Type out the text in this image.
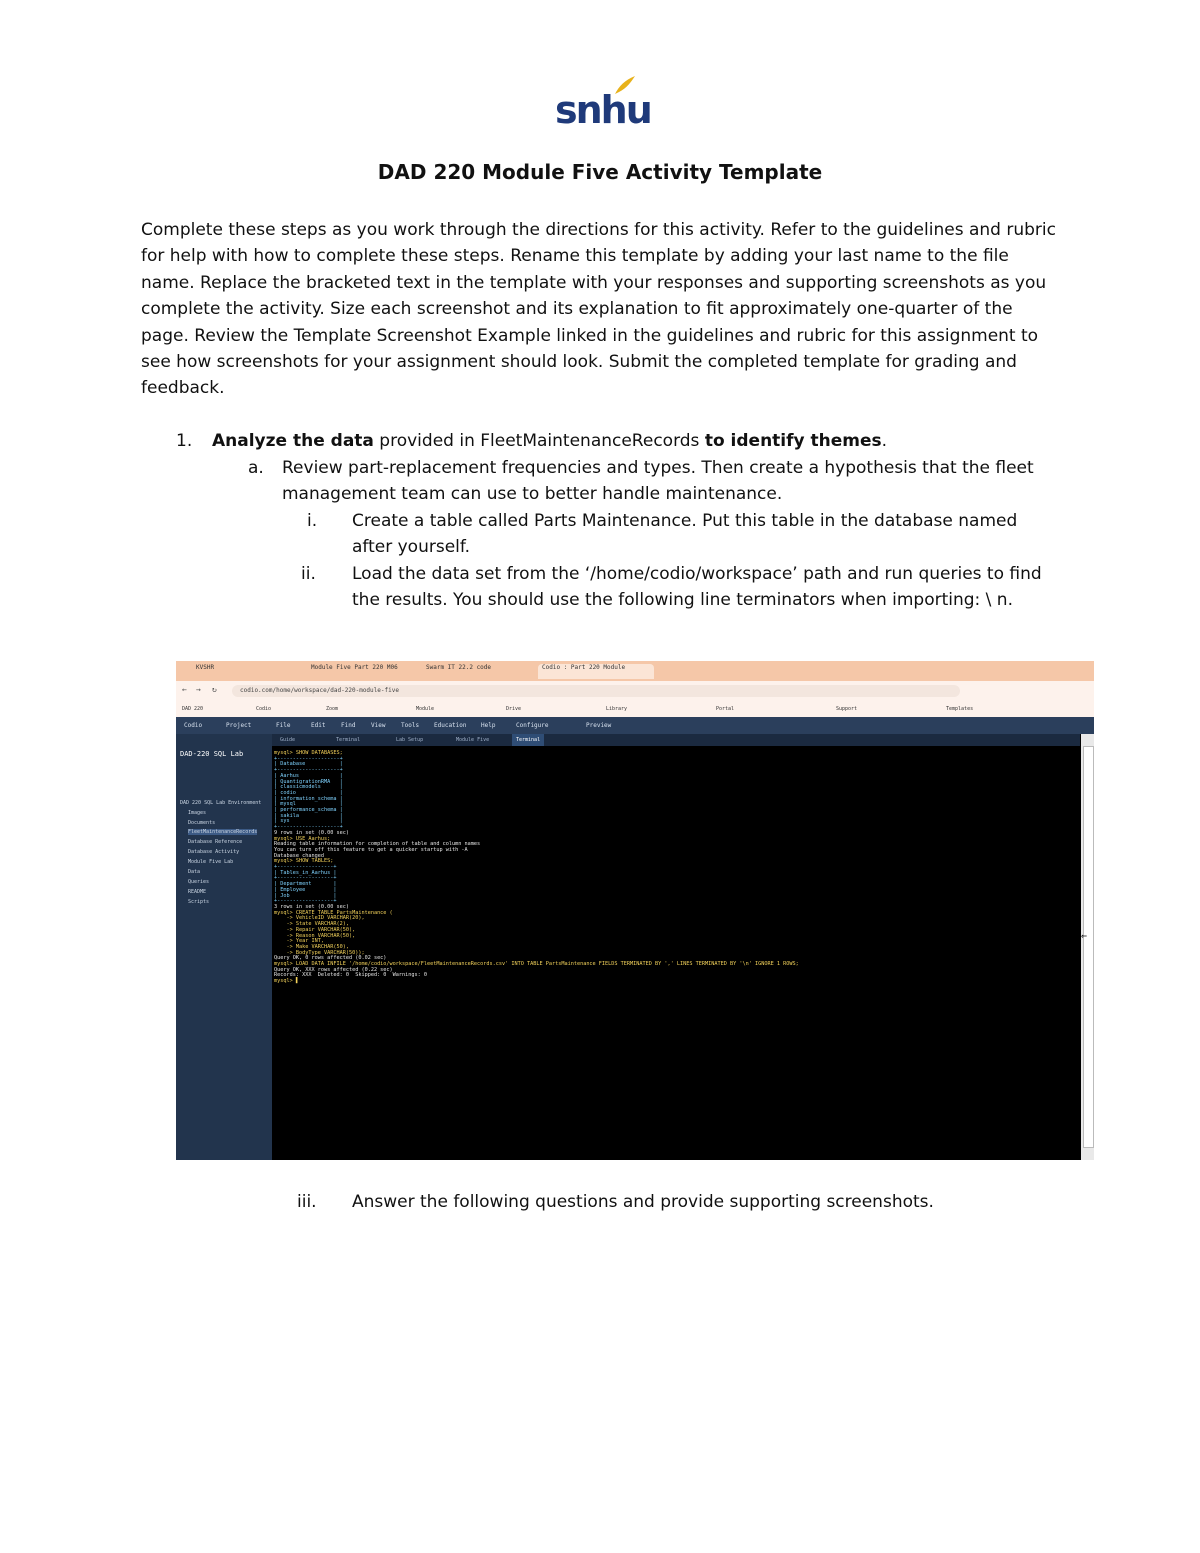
snhu
DAD 220 Module Five Activity Template
Complete these steps as you work through the directions for this activity. Refer to the guidelines and rubric for help with how to complete these steps. Rename this template by adding your last name to the file name. Replace the bracketed text in the template with your responses and supporting screenshots as you complete the activity. Size each screenshot and its explanation to fit approximately one-quarter of the page. Review the Template Screenshot Example linked in the guidelines and rubric for this assignment to see how screenshots for your assignment should look. Submit the completed template for grading and feedback.
1. Analyze the data provided in FleetMaintenanceRecords to identify themes.
a. Review part-replacement frequencies and types. Then create a hypothesis that the fleet management team can use to better handle maintenance.
i. Create a table called Parts Maintenance. Put this table in the database named after yourself.
ii. Load the data set from the ‘/home/codio/workspace’ path and run queries to find the results. You should use the following line terminators when importing: \ n.
KVSHR	Module Five Part 220 M06	Swarm IT 22.2 code	Codio : Part 220 Module
← → ↻	codio.com/home/workspace/dad-220-module-five
DAD 220	Codio	Zoom	Module	Drive	Library	Portal	Support	Templates
Codio	Project	File	Edit	Find	View	Tools Education Help	Configure	Preview
DAD-220 SQL Lab
DAD 220 SQL Lab Environment
Images
Documents
FleetMaintenanceRecords
Database Reference
Database Activity
Module Five Lab
Data
Queries
README
Scripts
Guide	Terminal	Lab Setup	Module Five	Terminal
mysql> SHOW DATABASES;
+--------------------+
| Database           |
+--------------------+
| Aarhus             |
| QuantigrationRMA   |
| classicmodels      |
| codio              |
| information_schema |
| mysql              |
| performance_schema |
| sakila             |
| sys                |
+--------------------+
9 rows in set (0.00 sec)
mysql> USE Aarhus;
Reading table information for completion of table and column names
You can turn off this feature to get a quicker startup with -A
Database changed
mysql> SHOW TABLES;
+------------------+
| Tables_in_Aarhus |
+------------------+
| Department       |
| Employee         |
| Job              |
+------------------+
3 rows in set (0.00 sec)
mysql> CREATE TABLE PartsMaintenance (
-> VehicleID VARCHAR(20),
-> State VARCHAR(2),
-> Repair VARCHAR(50),
-> Reason VARCHAR(50),
-> Year INT,
-> Make VARCHAR(50),
-> BodyType VARCHAR(50));
Query OK, 0 rows affected (0.02 sec)
mysql> LOAD DATA INFILE '/home/codio/workspace/FleetMaintenanceRecords.csv' INTO TABLE PartsMaintenance FIELDS TERMINATED BY ',' LINES TERMINATED BY '\n' IGNORE 1 ROWS;
Query OK, XXX rows affected (0.22 sec)
Records: XXX  Deleted: 0  Skipped: 0  Warnings: 0
mysql> ▌
⇐
iii. Answer the following questions and provide supporting screenshots.
